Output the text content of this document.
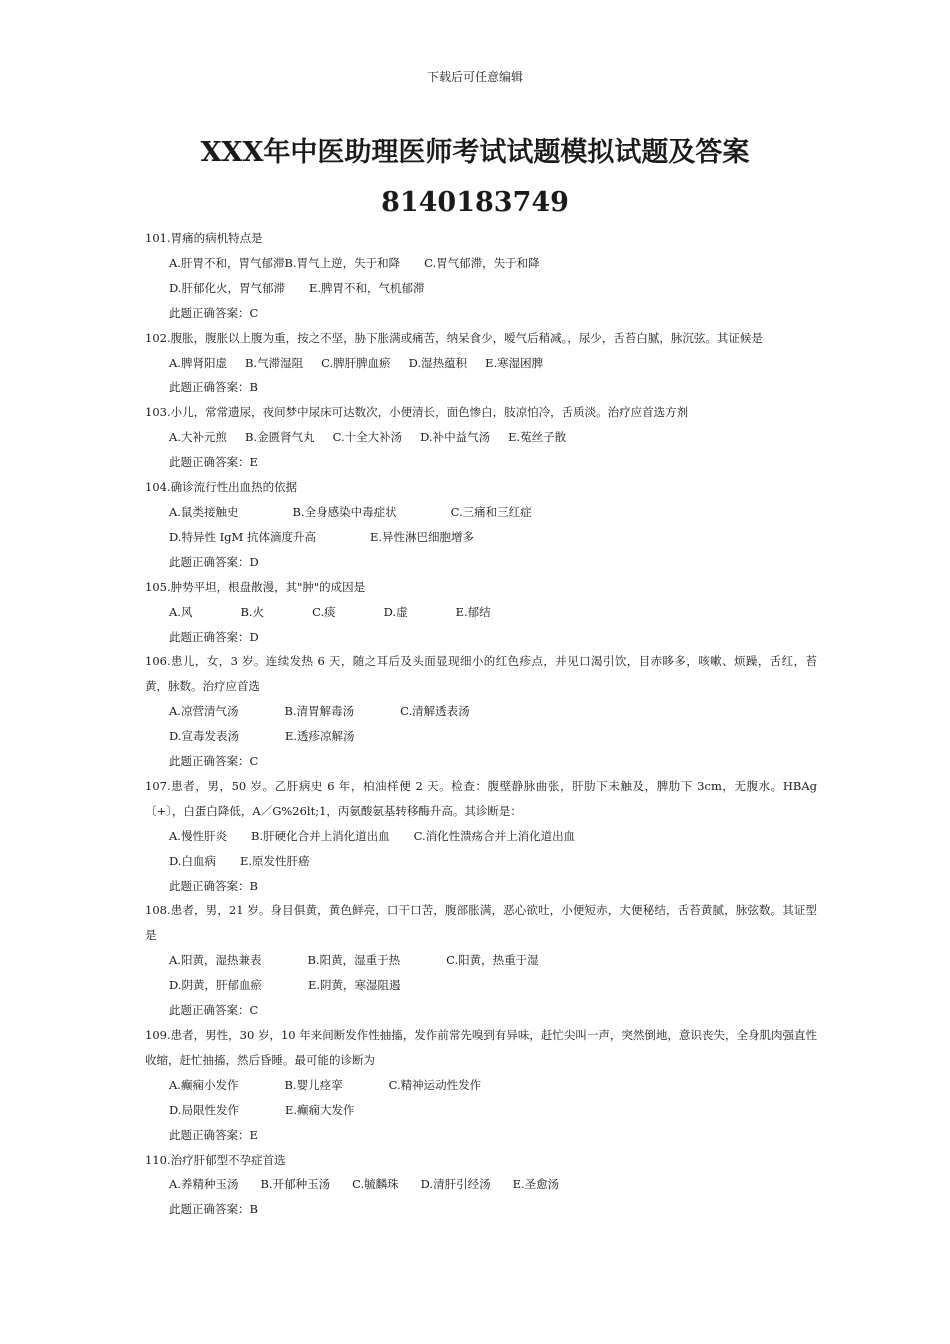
下载后可任意编辑
XXX年中医助理医师考试试题模拟试题及答案
8140183749
101.胃痛的病机特点是
A.肝胃不和，胃气郁滞B.胃气上逆，失于和降 C.胃气郁滞，失于和降
D.肝郁化火，胃气郁滞 E.脾胃不和，气机郁滞
此题正确答案：C
102.腹胀，腹胀以上腹为重，按之不坚，胁下胀满或痛苦，纳呆食少，嗳气后稍减。，尿少，舌苔白腻，脉沉弦。其证候是
A.脾肾阳虚 B.气滞湿阻 C.脾肝脾血瘀 D.湿热蕴积 E.寒湿困脾
此题正确答案：B
103.小儿，常常遗尿，夜间梦中尿床可达数次，小便清长，面色惨白，肢凉怕冷，舌质淡。治疗应首选方剂
A.大补元煎 B.金匮肾气丸 C.十全大补汤 D.补中益气汤 E.菟丝子散
此题正确答案：E
104.确诊流行性出血热的依据
A.鼠类接触史	B.全身感染中毒症状	C.三痛和三红症
D.特异性 IgM 抗体滴度升高	E.异性淋巴细胞增多
此题正确答案：D
105.肿势平坦，根盘散漫，其"肿"的成因是
A.风	B.火	C.痰	D.虚	E.郁结
此题正确答案：D
106.患儿，女，3 岁。连续发热 6 天，随之耳后及头面显现细小的红色疹点，并见口渴引饮，目赤眵多，咳嗽、烦躁，舌红，苔黄，脉数。治疗应首选
A.凉营清气汤	B.清胃解毒汤	C.清解透表汤
D.宣毒发表汤	E.透疹凉解汤
此题正确答案：C
107.患者，男，50 岁。乙肝病史 6 年，柏油样便 2 天。检查：腹壁静脉曲张，肝肋下未触及，脾肋下 3cm，无腹水。HBAg〔+〕，白蛋白降低，A／G%26lt;1，丙氨酸氨基转移酶升高。其诊断是：
A.慢性肝炎 B.肝硬化合并上消化道出血 C.消化性溃疡合并上消化道出血
D.白血病 E.原发性肝癌
此题正确答案：B
108.患者，男，21 岁。身目俱黄，黄色鲜亮，口干口苦，腹部胀满，恶心欲吐，小便短赤，大便秘结，舌苔黄腻，脉弦数。其证型是
A.阳黄，湿热兼表	B.阳黄，湿重于热	C.阳黄，热重于湿
D.阴黄，肝郁血瘀	E.阴黄，寒湿阻遏
此题正确答案：C
109.患者，男性，30 岁，10 年来间断发作性抽搐，发作前常先嗅到有异味，赶忙尖叫一声，突然倒地，意识丧失，全身肌肉强直性收缩，赶忙抽搐，然后昏睡。最可能的诊断为
A.癫痫小发作	B.婴儿痉挛	C.精神运动性发作
D.局限性发作	E.癫痫大发作
此题正确答案：E
110.治疗肝郁型不孕症首选
A.养精种玉汤 B.开郁种玉汤 C.毓麟珠 D.清肝引经汤 E.圣愈汤
此题正确答案：B
